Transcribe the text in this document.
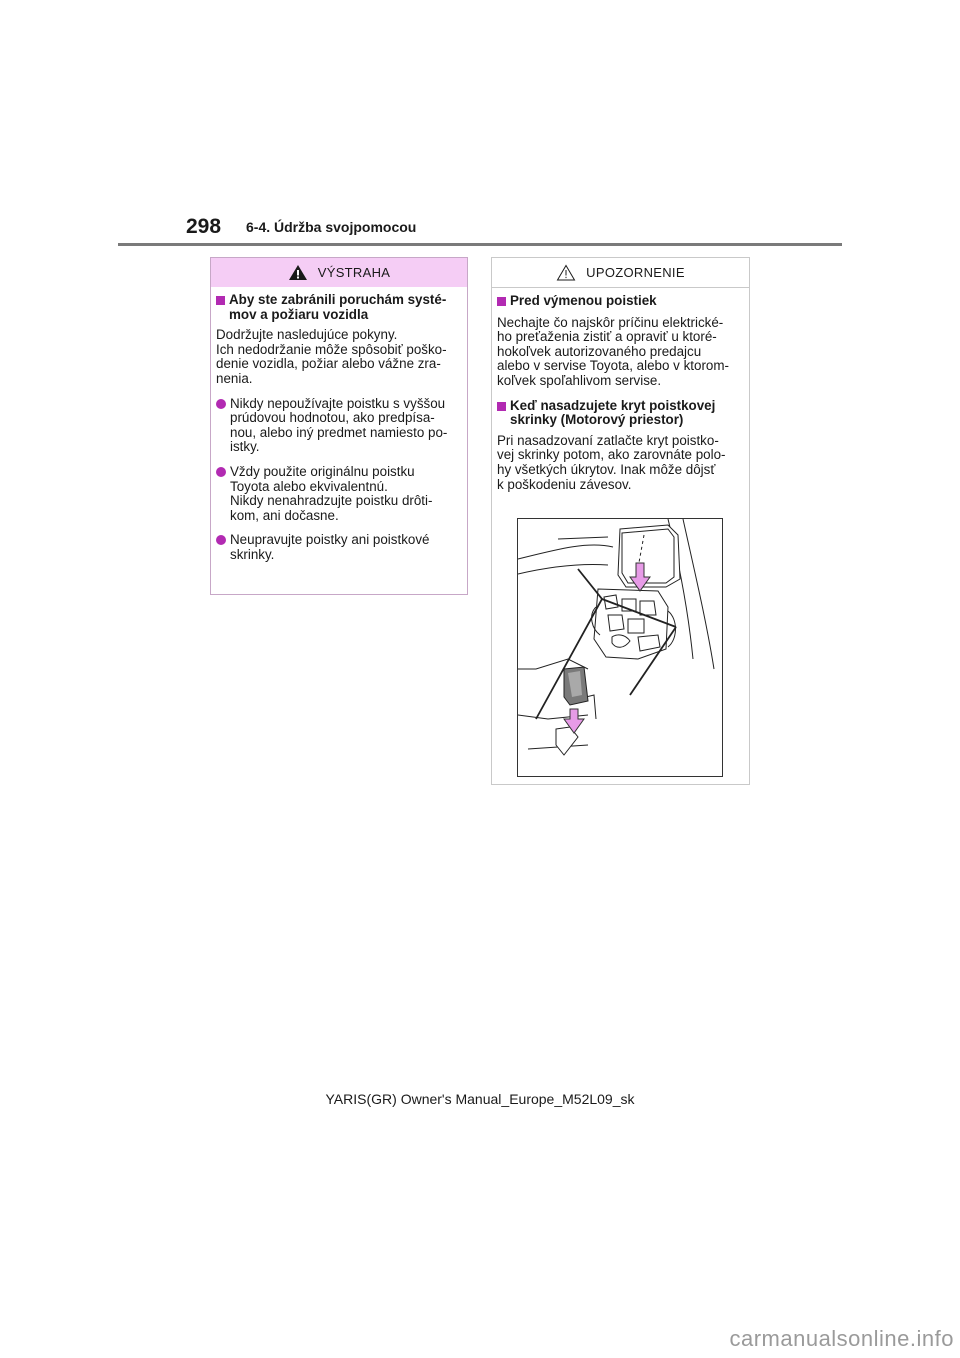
298 6-4. Údržba svojpomocou
VÝSTRAHA
Aby ste zabránili poruchám systé-
mov a požiaru vozidla

Dodržujte nasledujúce pokyny.
Ich nedodržanie môže spôsobiť poško-
denie vozidla, požiar alebo vážne zra-
nenia.

Nikdy nepoužívajte poistku s vyššou
prúdovou hodnotou, ako predpísa-
nou, alebo iný predmet namiesto po-
istky.
Vždy použite originálnu poistku
Toyota alebo ekvivalentnú.
Nikdy nenahradzujte poistku drôti-
kom, ani dočasne.
Neupravujte poistky ani poistkové
skrinky.
UPOZORNENIE
Pred výmenou poistiek

Nechajte čo najskôr príčinu elektrické-
ho preťaženia zistiť a opraviť u ktoré-
hokoľvek autorizovaného predajcu
alebo v servise Toyota, alebo v ktorom-
koľvek spoľahlivom servise.

Keď nasadzujete kryt poistkovej
skrinky (Motorový priestor)

Pri nasadzovaní zatlačte kryt poistko-
vej skrinky potom, ako zarovnáte polo-
hy všetkých úkrytov. Inak môže dôjsť
k poškodeniu závesov.

YARIS(GR) Owner's Manual_Europe_M52L09_sk
carmanualsonline.info
